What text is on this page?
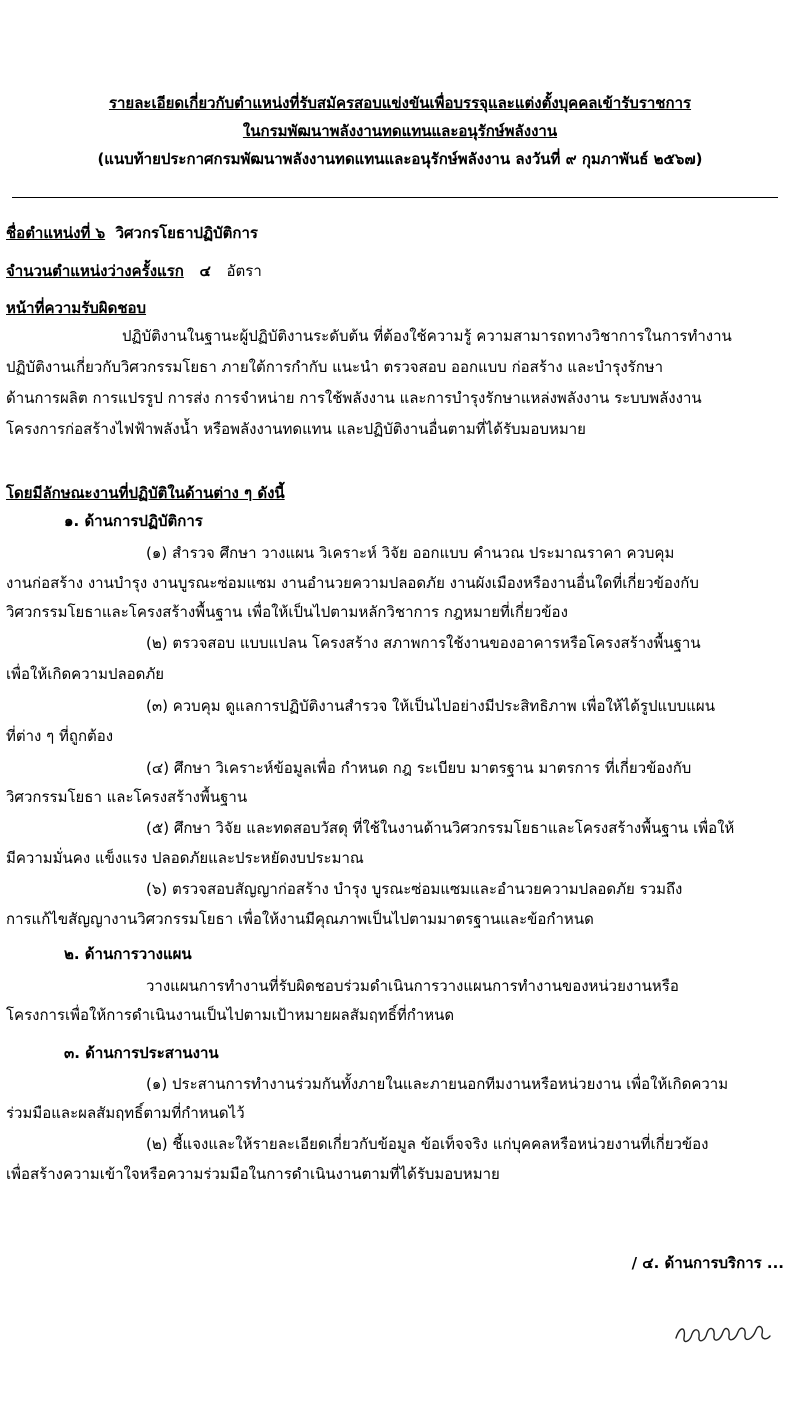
รายละเอียดเกี่ยวกับตำแหน่งที่รับสมัครสอบแข่งขันเพื่อบรรจุและแต่งตั้งบุคคลเข้ารับราชการ
ในกรมพัฒนาพลังงานทดแทนและอนุรักษ์พลังงาน
(แนบท้ายประกาศกรมพัฒนาพลังงานทดแทนและอนุรักษ์พลังงาน ลงวันที่ ๙ กุมภาพันธ์ ๒๕๖๗)
ชื่อตำแหน่งที่ ๖ วิศวกรโยธาปฏิบัติการ
จำนวนตำแหน่งว่างครั้งแรก ๔ อัตรา
หน้าที่ความรับผิดชอบ
ปฏิบัติงานในฐานะผู้ปฏิบัติงานระดับต้น ที่ต้องใช้ความรู้ ความสามารถทางวิชาการในการทำงาน
ปฏิบัติงานเกี่ยวกับวิศวกรรมโยธา ภายใต้การกำกับ แนะนำ ตรวจสอบ ออกแบบ ก่อสร้าง และบำรุงรักษา
ด้านการผลิต การแปรรูป การส่ง การจำหน่าย การใช้พลังงาน และการบำรุงรักษาแหล่งพลังงาน ระบบพลังงาน
โครงการก่อสร้างไฟฟ้าพลังน้ำ หรือพลังงานทดแทน และปฏิบัติงานอื่นตามที่ได้รับมอบหมาย
โดยมีลักษณะงานที่ปฏิบัติในด้านต่าง ๆ ดังนี้
๑. ด้านการปฏิบัติการ
(๑) สำรวจ ศึกษา วางแผน วิเคราะห์ วิจัย ออกแบบ คำนวณ ประมาณราคา ควบคุม
งานก่อสร้าง งานบำรุง งานบูรณะซ่อมแซม งานอำนวยความปลอดภัย งานผังเมืองหรืองานอื่นใดที่เกี่ยวข้องกับ
วิศวกรรมโยธาและโครงสร้างพื้นฐาน เพื่อให้เป็นไปตามหลักวิชาการ กฎหมายที่เกี่ยวข้อง
(๒) ตรวจสอบ แบบแปลน โครงสร้าง สภาพการใช้งานของอาคารหรือโครงสร้างพื้นฐาน
เพื่อให้เกิดความปลอดภัย
(๓) ควบคุม ดูแลการปฏิบัติงานสำรวจ ให้เป็นไปอย่างมีประสิทธิภาพ เพื่อให้ได้รูปแบบแผน
ที่ต่าง ๆ ที่ถูกต้อง
(๔) ศึกษา วิเคราะห์ข้อมูลเพื่อ กำหนด กฎ ระเบียบ มาตรฐาน มาตรการ ที่เกี่ยวข้องกับ
วิศวกรรมโยธา และโครงสร้างพื้นฐาน
(๕) ศึกษา วิจัย และทดสอบวัสดุ ที่ใช้ในงานด้านวิศวกรรมโยธาและโครงสร้างพื้นฐาน เพื่อให้
มีความมั่นคง แข็งแรง ปลอดภัยและประหยัดงบประมาณ
(๖) ตรวจสอบสัญญาก่อสร้าง บำรุง บูรณะซ่อมแซมและอำนวยความปลอดภัย รวมถึง
การแก้ไขสัญญางานวิศวกรรมโยธา เพื่อให้งานมีคุณภาพเป็นไปตามมาตรฐานและข้อกำหนด
๒. ด้านการวางแผน
วางแผนการทำงานที่รับผิดชอบร่วมดำเนินการวางแผนการทำงานของหน่วยงานหรือ
โครงการเพื่อให้การดำเนินงานเป็นไปตามเป้าหมายผลสัมฤทธิ์ที่กำหนด
๓. ด้านการประสานงาน
(๑) ประสานการทำงานร่วมกันทั้งภายในและภายนอกทีมงานหรือหน่วยงาน เพื่อให้เกิดความ
ร่วมมือและผลสัมฤทธิ์ตามที่กำหนดไว้
(๒) ชี้แจงและให้รายละเอียดเกี่ยวกับข้อมูล ข้อเท็จจริง แก่บุคคลหรือหน่วยงานที่เกี่ยวข้อง
เพื่อสร้างความเข้าใจหรือความร่วมมือในการดำเนินงานตามที่ได้รับมอบหมาย
/ ๔. ด้านการบริการ ...
